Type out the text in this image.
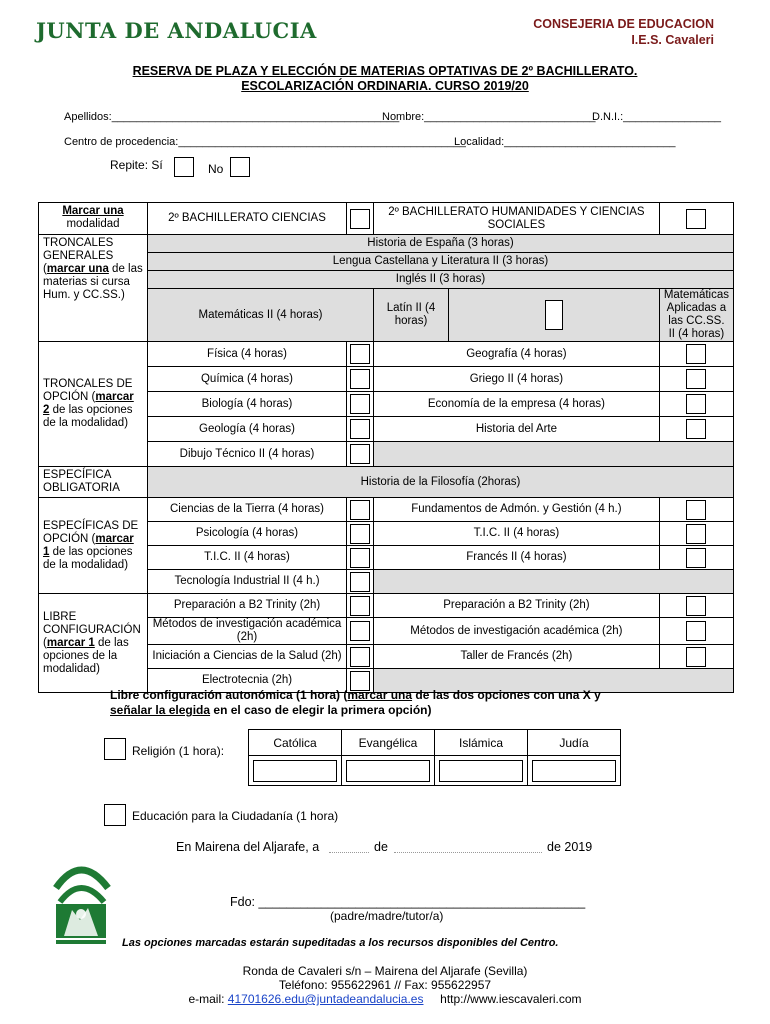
JUNTA DE ANDALUCIA	CONSEJERIA DE EDUCACION
I.E.S. Cavaleri
RESERVA DE PLAZA Y ELECCIÓN DE MATERIAS OPTATIVAS DE 2º BACHILLERATO.
ESCOLARIZACIÓN ORDINARIA. CURSO 2019/20
Apellidos:_______________________________________________
Nombre:____________________________
D.N.I.:________________
Centro de procedencia:_______________________________________________
Localidad:____________________________
Repite: Sí	No
Marcar una
modalidad	2º BACHILLERATO CIENCIAS		2º BACHILLERATO HUMANIDADES Y CIENCIAS SOCIALES		
TRONCALES GENERALES (marcar una de las materias si cursa Hum. y CC.SS.)	Historia de España (3 horas)				
	Lengua Castellana y Literatura II (3 horas)				
	Inglés II (3 horas)				
	Matemáticas II (4 horas)		Latín II (4 horas)		Matemáticas Aplicadas a las CC.SS. II (4 horas)
TRONCALES DE OPCIÓN (marcar 2 de las opciones de la modalidad)	Física (4 horas)		Geografía (4 horas)		
	Química (4 horas)		Griego II (4 horas)		
	Biología (4 horas)		Economía de la empresa (4 horas)		
	Geología (4 horas)		Historia del Arte		
	Dibujo Técnico II (4 horas)				
ESPECÍFICA OBLIGATORIA	Historia de la Filosofía (2horas)				
ESPECÍFICAS DE OPCIÓN (marcar 1 de las opciones de la modalidad)	Ciencias de la Tierra (4 horas)		Fundamentos de Admón. y Gestión (4 h.)		
	Psicología (4 horas)		T.I.C. II (4 horas)		
	T.I.C. II (4 horas)		Francés II (4 horas)		
	Tecnología Industrial II (4 h.)				
LIBRE CONFIGURACIÓN (marcar 1 de las opciones de la modalidad)	Preparación a B2 Trinity (2h)		Preparación a B2 Trinity (2h)		
	Métodos de investigación académica (2h)		Métodos de investigación académica (2h)		
	Iniciación a Ciencias de la Salud (2h)		Taller de Francés (2h)		
	Electrotecnia (2h)				
Libre configuración autonómica (1 hora) (marcar una de las dos opciones con una X y
señalar la elegida en el caso de elegir la primera opción)
Religión (1 hora):
Católica	Evangélica	Islámica	Judía

Educación para la Ciudadanía (1 hora)
En Mairena del Aljarafe, a	de	de 2019
Fdo: _______________________________________________
(padre/madre/tutor/a)
Las opciones marcadas estarán supeditadas a los recursos disponibles del Centro.
Ronda de Cavaleri s/n – Mairena del Aljarafe (Sevilla)
Teléfono: 955622961 // Fax: 955622957
e-mail: 41701626.edu@juntadeandalucia.es http://www.iescavaleri.com
